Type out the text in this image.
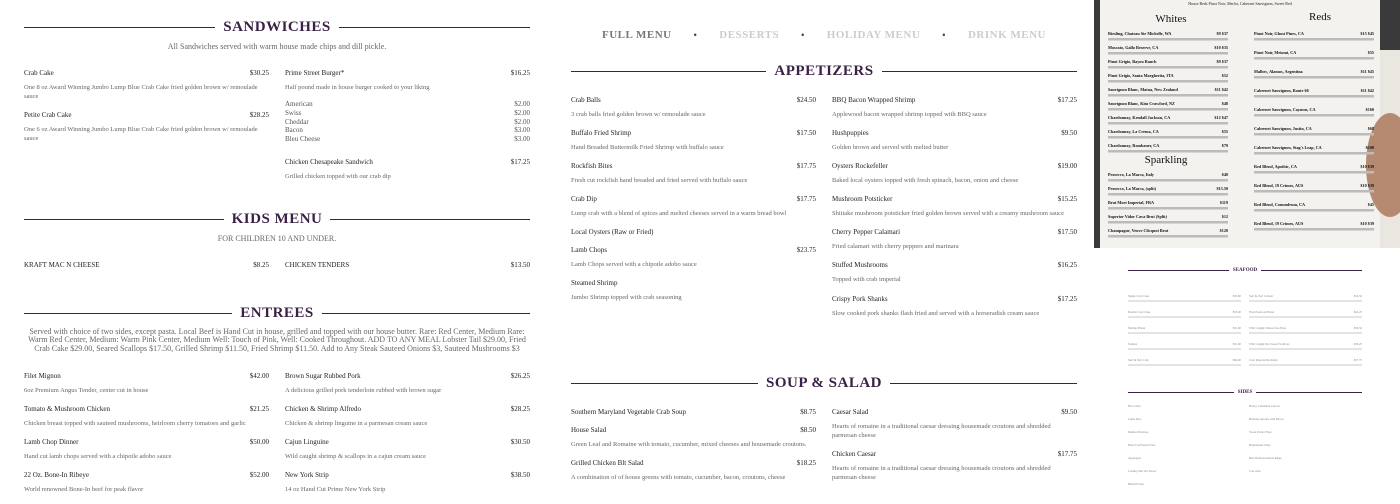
SANDWICHES
All Sandwiches served with warm house made chips and dill pickle.
Crab Cake	$30.25
One 8 oz Award Winning Jumbo Lump Blue Crab Cake fried golden brown w/ remoulade sauce
Petite Crab Cake	$28.25
One 6 oz Award Winning Jumbo Lump Blue Crab Cake fried golden brown w/ remoulade sauce
Prime Street Burger*	$16.25
Half pound made in house burger cooked to your liking
American	$2.00
Swiss	$2.00
Cheddar	$2.00
Bacon	$3.00
Bleu Cheese	$3.00
Chicken Chesapeake Sandwich	$17.25
Grilled chicken topped with our crab dip
KIDS MENU
FOR CHILDREN 10 AND UNDER.
KRAFT MAC N CHEESE	$8.25 CHICKEN TENDERS	$13.50
ENTREES
Served with choice of two sides, except pasta. Local Beef is Hand Cut in house, grilled and topped with our house butter. Rare: Red Center, Medium Rare: Warm Red Center, Medium: Warm Pink Center, Medium Well: Touch of Pink, Well: Cooked Throughout. ADD TO ANY MEAL Lobster Tail $29.00, Fried Crab Cake $29.00, Seared Scallops $17.50, Grilled Shrimp $11.50, Fried Shrimp $11.50. Add to Any Steak Sauteed Onions $3, Sauteed Mushrooms $3
Filet Mignon	$42.00
6oz Premium Angus Tender, center cut in house
Brown Sugar Rubbed Pork	$26.25
A delicious grilled pork tenderloin rubbed with brown sugar
Tomato & Mushroom Chicken	$21.25
Chicken breast topped with sauteed mushrooms, heirloom cherry tomatoes and garlic
Chicken & Shrimp Alfredo	$28.25
Chicken & shrimp linguine in a parmesan cream sauce
Lamb Chop Dinner	$50.00
Hand cut lamb chops served with a chipotle adobo sauce
Cajun Linguine	$30.50
Wild caught shrimp & scallops in a cajun cream sauce
22 Oz. Bone-In Ribeye	$52.00
World renowned Bone-In beef for peak flavor
New York Strip	$38.50
14 oz Hand Cut Prime New York Strip
FULL MENU • DESSERTS • HOLIDAY MENU • DRINK MENU
APPETIZERS
Crab Balls	$24.50
3 crab balls fried golden brown w/ remoulade sauce
Buffalo Fried Shrimp	$17.50
Hand Breaded Buttermilk Fried Shrimp with buffalo sauce
Rockfish Bites	$17.75
Fresh cut rockfish hand breaded and fried served with buffalo sauce
Crab Dip	$17.75
Lump crab with a blend of spices and melted cheeses served in a warm bread bowl
Local Oysters (Raw or Fried)
Lamb Chops	$23.75
Lamb Chops served with a chipotle adobo sauce
Steamed Shrimp
Jumbo Shrimp topped with crab seasoning
BBQ Bacon Wrapped Shrimp	$17.25
Applewood bacon wrapped shrimp topped with BBQ sauce
Hushpuppies	$9.50
Golden brown and served with melted butter
Oysters Rockefeller	$19.00
Baked local oysters topped with fresh spinach, bacon, onion and cheese
Mushroom Potsticker	$15.25
Shiitake mushroom potsticker fried golden brown served with a creamy mushroom sauce
Cherry Pepper Calamari	$17.50
Fried calamari with cherry peppers and marinara
Stuffed Mushrooms	$16.25
Topped with crab imperial
Crispy Pork Shanks	$17.25
Slow cooked pork shanks flash fried and served with a horseradish cream sauce
SOUP & SALAD
Southern Maryland Vegetable Crab Soup	$8.75
House Salad	$8.50
Green Leaf and Romaine with tomato, cucumber, mixed cheeses and housemade croutons.
Grilled Chicken Blt Salad	$18.25
A combination of of house greens with tomato, cucumber, bacon, croutons, cheese
Caesar Salad	$9.50
Hearts of romaine in a traditional caesar dressing housemade croutons and shredded parmesan cheese
Chicken Caesar	$17.75
Hearts of romaine in a traditional caesar dressing housemade croutons and shredded parmesan cheese
House Reds Pinot Noir, Merlot, Cabernet Sauvignon, Sweet Red
Whites	Reds
Sparkling
Riesling, Chateau Ste Michelle, WA	$9 $37
Moscato, Gallo Reserve, CA	$10 $35
Pinot Grigio, Bayou Ranch	$9 $37
Pinot Grigio, Santa Margherita, ITA	$52
Sauvignon Blanc, Matua, New Zealand	$11 $42
Sauvignon Blanc, Kim Crawford, NZ	$48
Chardonnay, Kendall Jackson, CA	$12 $47
Chardonnay, La Crema, CA	$55
Chardonnay, Rombauer, CA	$79
Pinot Noir, Ghost Pines, CA	$15 $45
Pinot Noir, Meiomi, CA	$55
Malbec, Alamos, Argentina	$11 $45
Cabernet Sauvignon, Route 66	$11 $42
Cabernet Sauvignon, Caymus, CA	$160
Cabernet Sauvignon, Justin, CA	$68
Cabernet Sauvignon, Stag's Leap, CA	$100
Red Blend, Apothic, CA	$10 $39
Red Blend, 19 Crimes, AUS	$10 $39
Red Blend, Conundrum, CA	$45
Red Blend, 19 Crimes, AUS	$10 $39
Prosecco, La Marca, Italy	$40
Prosecco, La Marca, (split)	$13.50
Brut Moet Imperial, FRA	$119
Superior Vidor Cava Brut (Split)	$12
Champagne, Veuve Clicquot Brut	$120
SEAFOOD
Single Crab Cake	$39.00
Double Crab Cake	$53.00
Shrimp Platter	$31.00
Salmon	$31.00
Surf & Turf Crab	$64.00
Surf & Turf Lobster	$54.50
Fried Seafood Platter	$42.25
Wild Caught Chilean Sea Bass	$39.50
Wild Caught Pan Seared Scallops	$39.25
Crab Imperial Rockfish	$37.75
SIDES
Broccolini
Cajun Rice
Mashed Potatoes
Hand Cut French Fries
Asparagus
Creamy Mac & Cheese
Baked Potato
Honey Cinnamon Carrots
Brussels Sprouts with Bacon
Sweet Potato Fries
Homemade Chips
Beer Battered Onion Rings
Cole slaw
